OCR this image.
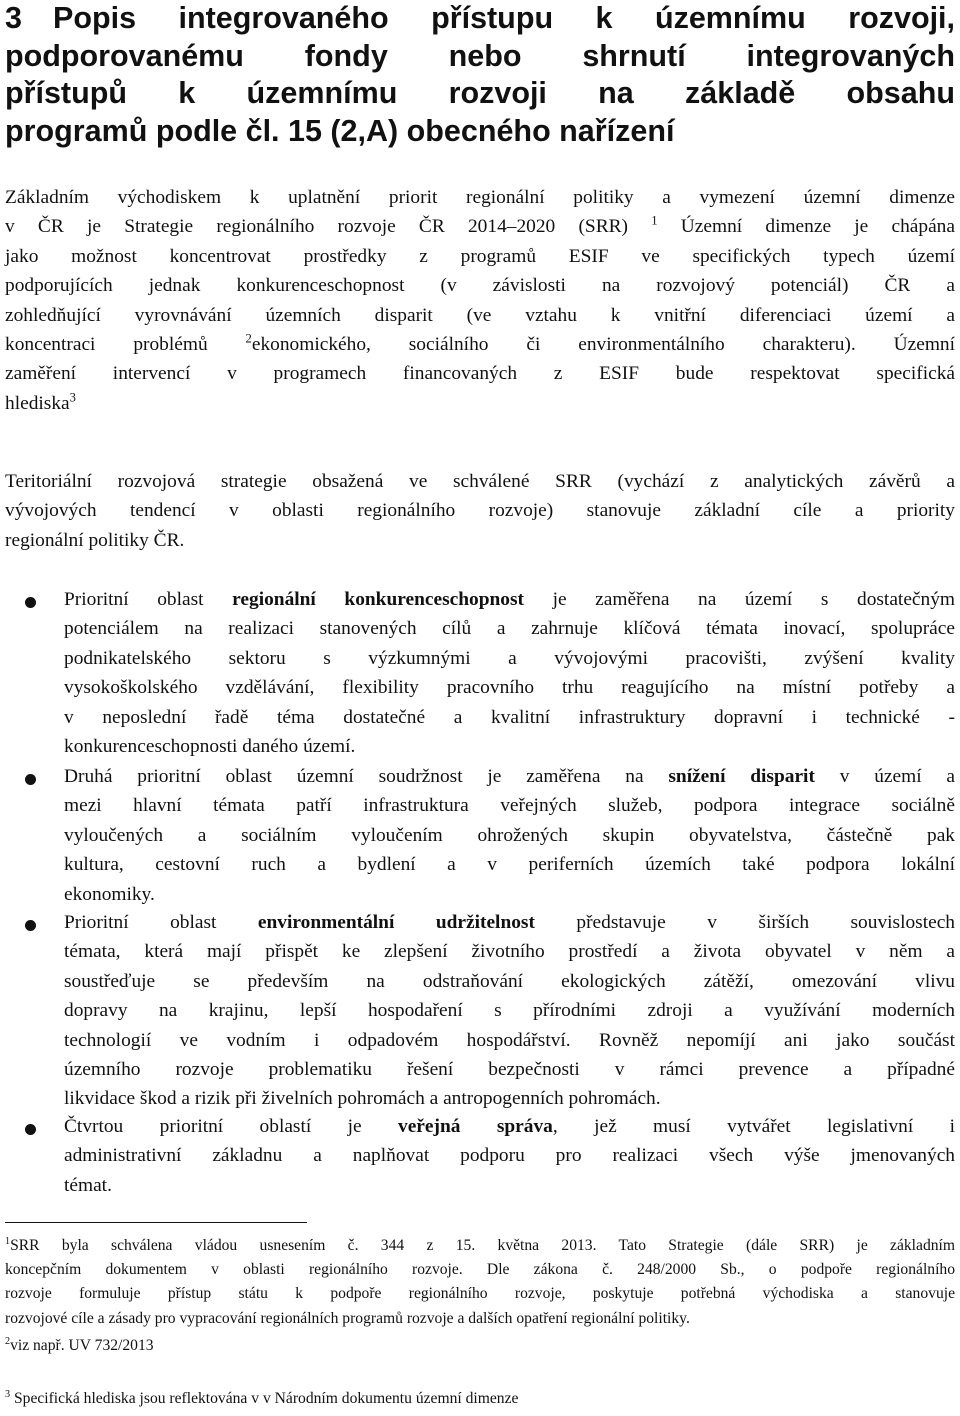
3 Popis integrovaného přístupu k územnímu rozvoji,
podporovanému fondy nebo shrnutí integrovaných
přístupů k územnímu rozvoji na základě obsahu
programů podle čl. 15 (2,A) obecného nařízení
Základním východiskem k uplatnění priorit regionální politiky a vymezení územní dimenze
v ČR je Strategie regionálního rozvoje ČR 2014–2020 (SRR) $^1$ Územní dimenze je chápána
jako možnost koncentrovat prostředky z programů ESIF ve specifických typech území
podporujících jednak konkurenceschopnost (v závislosti na rozvojový potenciál) ČR a
zohledňující vyrovnávání územních disparit (ve vztahu k vnitřní diferenciaci území a
koncentraci problémů	$^2$ekonomického, sociálního či environmentálního charakteru). Územní
zaměření intervencí v programech financovaných z ESIF bude respektovat specifická
hlediska$^3$
Teritoriální rozvojová strategie obsažená ve schválené SRR (vychází z analytických závěrů a
vývojových tendencí v oblasti regionálního rozvoje) stanovuje základní cíle a priority
regionální politiky ČR.
Prioritní oblast regionální konkurenceschopnost je zaměřena na území s dostatečným
potenciálem na realizaci stanovených cílů a zahrnuje klíčová témata inovací, spolupráce
podnikatelského sektoru s výzkumnými a vývojovými pracovišti, zvýšení kvality
vysokoškolského vzdělávání, flexibility pracovního trhu reagujícího na místní potřeby a
v neposlední řadě téma dostatečné a kvalitní infrastruktury dopravní i technické -
konkurenceschopnosti daného území.
Druhá prioritní oblast územní soudržnost je zaměřena na snížení disparit v území a
mezi hlavní témata patří infrastruktura veřejných služeb, podpora integrace sociálně
vyloučených a sociálním vyloučením ohrožených skupin obyvatelstva, částečně pak
kultura, cestovní ruch a bydlení a v periferních územích také podpora lokální
ekonomiky.
Prioritní oblast environmentální udržitelnost představuje v širších souvislostech
témata, která mají přispět ke zlepšení životního prostředí a života obyvatel v něm a
soustřeďuje se především na odstraňování ekologických zátěží, omezování vlivu
dopravy na krajinu, lepší hospodaření s přírodními zdroji a využívání moderních
technologií ve vodním i odpadovém hospodářství. Rovněž nepomíjí ani jako součást
územního rozvoje problematiku řešení bezpečnosti v rámci prevence a případné
likvidace škod a rizik při živelních pohromách a antropogenních pohromách.
Čtvrtou prioritní oblastí je veřejná správa, jež musí vytvářet legislativní i
administrativní základnu a naplňovat podporu pro realizaci všech výše jmenovaných
témat.
$^1$SRR byla schválena vládou usnesením č. 344 z 15. května 2013. Tato Strategie (dále SRR) je základním
koncepčním dokumentem v oblasti regionálního rozvoje. Dle zákona č. 248/2000 Sb., o podpoře regionálního
rozvoje formuluje přístup státu k podpoře regionálního rozvoje, poskytuje potřebná východiska a stanovuje
rozvojové cíle a zásady pro vypracování regionálních programů rozvoje a dalších opatření regionální politiky.
$^2$viz např. UV 732/2013
$^3$ Specifická hlediska jsou reflektována v v Národním dokumentu územní dimenze
